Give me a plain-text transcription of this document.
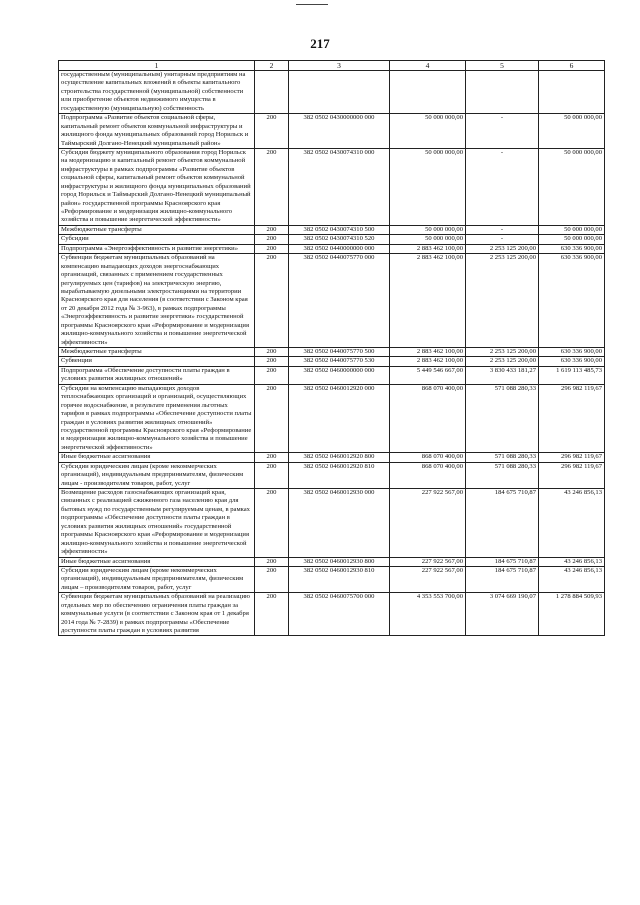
217
1	2	3	4	5	6
государственным (муниципальным) унитарным предприятиям на осуществление капитальных вложений в объекты капитального строительства государственной (муниципальной) собственности или приобретение объектов недвижимого имущества в государственную (муниципальную) собственность					
Подпрограмма «Развитие объектов социальной сферы, капитальный ремонт объектов коммунальной инфраструктуры и жилищного фонда муниципальных образований город Норильск и Таймырский Долгано-Ненецкий муниципальный район»	200	382 0502 0430000000 000	50 000 000,00	-	50 000 000,00
Субсидия бюджету муниципального образования город Норильск на модернизацию и капитальный ремонт объектов коммунальной инфраструктуры в рамках подпрограммы «Развитие объектов социальной сферы, капитальный ремонт объектов коммунальной инфраструктуры и жилищного фонда муниципальных образований город Норильск и Таймырский Долгано-Ненецкий муниципальный район» государственной программы Красноярского края «Реформирование и модернизация жилищно-коммунального хозяйства и повышение энергетической эффективности»	200	382 0502 0430074310 000	50 000 000,00	-	50 000 000,00
Межбюджетные трансферты	200	382 0502 0430074310 500	50 000 000,00	-	50 000 000,00
Субсидии	200	382 0502 0430074310 520	50 000 000,00	-	50 000 000,00
Подпрограмма «Энергоэффективность и развитие энергетики»	200	382 0502 0440000000 000	2 883 462 100,00	2 253 125 200,00	630 336 900,00
Субвенции бюджетам муниципальных образований на компенсацию выпадающих доходов энергоснабжающих организаций, связанных с применением государственных регулируемых цен (тарифов) на электрическую энергию, вырабатываемую дизельными электростанциями на территории Красноярского края для населения (в соответствии с Законом края от 20 декабря 2012 года № 3-963), в рамках подпрограммы «Энергоэффективность и развитие энергетики» государственной программы Красноярского края «Реформирование и модернизация жилищно-коммунального хозяйства и повышение энергетической эффективности»	200	382 0502 0440075770 000	2 883 462 100,00	2 253 125 200,00	630 336 900,00
Межбюджетные трансферты	200	382 0502 0440075770 500	2 883 462 100,00	2 253 125 200,00	630 336 900,00
Субвенции	200	382 0502 0440075770 530	2 883 462 100,00	2 253 125 200,00	630 336 900,00
Подпрограмма «Обеспечение доступности платы граждан в условиях развития жилищных отношений»	200	382 0502 0460000000 000	5 449 546 667,00	3 830 433 181,27	1 619 113 485,73
Субсидии на компенсацию выпадающих доходов теплоснабжающих организаций и организаций, осуществляющих горячее водоснабжение, в результате применения льготных тарифов в рамках подпрограммы «Обеспечение доступности платы граждан в условиях развития жилищных отношений» государственной программы Красноярского края «Реформирование и модернизация жилищно-коммунального хозяйства и повышение энергетической эффективности»	200	382 0502 0460012920 000	868 070 400,00	571 088 280,33	296 982 119,67
Иные бюджетные ассигнования	200	382 0502 0460012920 800	868 070 400,00	571 088 280,33	296 982 119,67
Субсидии юридическим лицам (кроме некоммерческих организаций), индивидуальным предпринимателям, физическим лицам - производителям товаров, работ, услуг	200	382 0502 0460012920 810	868 070 400,00	571 088 280,33	296 982 119,67
Возмещение расходов газоснабжающих организаций края, связанных с реализацией сжиженного газа населению края для бытовых нужд по государственным регулируемым ценам, в рамках подпрограммы «Обеспечение доступности платы граждан в условиях развития жилищных отношений» государственной программы Красноярского края «Реформирование и модернизация жилищно-коммунального хозяйства и повышение энергетической эффективности»	200	382 0502 0460012930 000	227 922 567,00	184 675 710,87	43 246 856,13
Иные бюджетные ассигнования	200	382 0502 0460012930 800	227 922 567,00	184 675 710,87	43 246 856,13
Субсидии юридическим лицам (кроме некоммерческих организаций), индивидуальным предпринимателям, физическим лицам – производителям товаров, работ, услуг	200	382 0502 0460012930 810	227 922 567,00	184 675 710,87	43 246 856,13
Субвенции бюджетам муниципальных образований на реализацию отдельных мер по обеспечению ограничения платы граждан за коммунальные услуги (в соответствии с Законом края от 1 декабря 2014 года № 7-2839) в рамках подпрограммы «Обеспечение доступности платы граждан в условиях развития	200	382 0502 0460075700 000	4 353 553 700,00	3 074 669 190,07	1 278 884 509,93
